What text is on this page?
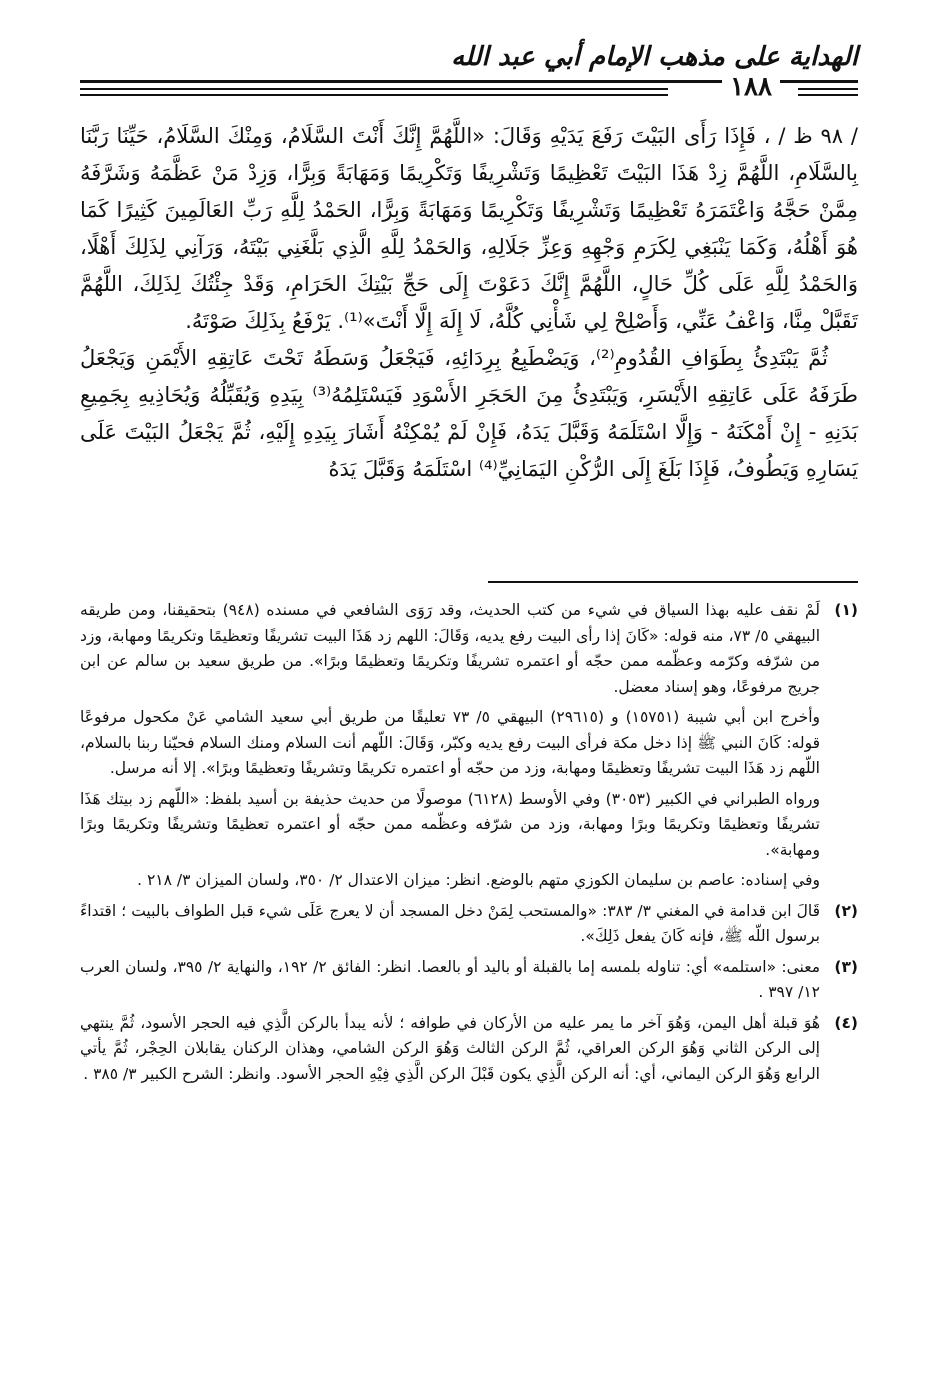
الهداية على مذهب الإمام أبي عبد الله
١٨٨

/ ٩٨ ظ / ، فَإِذَا رَأَى البَيْتَ رَفَعَ يَدَيْهِ وَقَالَ: «اللَّهُمَّ إِنَّكَ أَنْتَ السَّلَامُ، وَمِنْكَ السَّلَامُ، حَيِّنَا رَبَّنَا بِالسَّلَامِ، اللَّهُمَّ زِدْ هَذَا البَيْتَ تَعْظِيمًا وَتَشْرِيفًا وَتَكْرِيمًا وَمَهَابَةً وَبِرًّا، وَزِدْ مَنْ عَظَّمَهُ وَشَرَّفَهُ مِمَّنْ حَجَّهُ وَاعْتَمَرَهُ تَعْظِيمًا وَتَشْرِيفًا وَتَكْرِيمًا وَمَهَابَةً وَبِرًّا، الحَمْدُ لِلَّهِ رَبِّ العَالَمِينَ كَثِيرًا كَمَا هُوَ أَهْلُهُ، وَكَمَا يَنْبَغِي لِكَرَمِ وَجْهِهِ وَعِزِّ جَلَالِهِ، وَالحَمْدُ لِلَّهِ الَّذِي بَلَّغَنِي بَيْتَهُ، وَرَآنِي لِذَلِكَ أَهْلًا، وَالحَمْدُ لِلَّهِ عَلَى كُلِّ حَالٍ، اللَّهُمَّ إِنَّكَ دَعَوْتَ إِلَى حَجِّ بَيْتِكَ الحَرَامِ، وَقَدْ جِئْتُكَ لِذَلِكَ، اللَّهُمَّ تَقَبَّلْ مِنَّا، وَاعْفُ عَنِّي، وَأَصْلِحْ لِي شَأْنِي كُلَّهُ، لَا إِلَهَ إِلَّا أَنْتَ»⁽¹⁾. يَرْفَعُ بِذَلِكَ صَوْتَهُ.

ثُمَّ يَبْتَدِئُ بِطَوَافِ القُدُومِ⁽²⁾، وَيَضْطَبِعُ بِرِدَائِهِ، فَيَجْعَلُ وَسَطَهُ تَحْتَ عَاتِقِهِ الأَيْمَنِ وَيَجْعَلُ طَرَفَهُ عَلَى عَاتِقِهِ الأَيْسَرِ، وَيَبْتَدِئُ مِنَ الحَجَرِ الأَسْوَدِ فَيَسْتَلِمُهُ⁽³⁾ بِيَدِهِ وَيُقَبِّلُهُ وَيُحَاذِيهِ بِجَمِيعِ بَدَنِهِ - إِنْ أَمْكَنَهُ - وَإِلَّا اسْتَلَمَهُ وَقَبَّلَ يَدَهُ، فَإِنْ لَمْ يُمْكِنْهُ أَشَارَ بِيَدِهِ إِلَيْهِ، ثُمَّ يَجْعَلُ البَيْتَ عَلَى يَسَارِهِ وَيَطُوفُ، فَإِذَا بَلَغَ إِلَى الرُّكْنِ اليَمَانِيِّ⁽⁴⁾ اسْتَلَمَهُ وَقَبَّلَ يَدَهُ

(١)

لَمْ نقف عليه بهذا السياق في شيء من كتب الحديث، وقد رَوَى الشافعي في مسنده (٩٤٨) بتحقيقنا، ومن طريقه البيهقي ٥/ ٧٣، منه قوله: «كَانَ إذا رأى البيت رفع يديه، وَقَالَ: اللهم زد هَذَا البيت تشريفًا وتعظيمًا وتكريمًا ومهابة، وزد من شرّفه وكرّمه وعظّمه ممن حجّه أو اعتمره تشريفًا وتكريمًا وتعظيمًا وبرًا». من طريق سعيد بن سالم عن ابن جريج مرفوعًا، وهو إسناد معضل.

وأخرج ابن أبي شيبة (١٥٧٥١) و (٢٩٦١٥) البيهقي ٥/ ٧٣ تعليقًا من طريق أبي سعيد الشامي عَنْ مكحول مرفوعًا قوله: كَانَ النبي ﷺ إذا دخل مكة فرأى البيت رفع يديه وكبّر، وَقَالَ: اللّهم أنت السلام ومنك السلام فحيّنا ربنا بالسلام، اللّهم زد هَذَا البيت تشريفًا وتعظيمًا ومهابة، وزد من حجّه أو اعتمره تكريمًا وتشريفًا وتعظيمًا وبرًا». إلا أنه مرسل.

ورواه الطبراني في الكبير (٣٠٥٣) وفي الأوسط (٦١٢٨) موصولًا من حديث حذيفة بن أسيد بلفظ: «اللّهم زد بيتك هَذَا تشريفًا وتعظيمًا وتكريمًا وبرًا ومهابة، وزد من شرّفه وعظّمه ممن حجّه أو اعتمره تعظيمًا وتشريفًا وتكريمًا وبرًا ومهابة».

وفي إسناده: عاصم بن سليمان الكوزي متهم بالوضع. انظر: ميزان الاعتدال ٢/ ٣٥٠، ولسان الميزان ٣/ ٢١٨ .

(٢)

قَالَ ابن قدامة في المغني ٣/ ٣٨٣: «والمستحب لِمَنْ دخل المسجد أن لا يعرج عَلَى شيء قبل الطواف بالبيت ؛ اقتداءً برسول اللّه ﷺ، فإنه كَانَ يفعل ذَلِكَ».

(٣)

معنى: «استلمه» أي: تناوله بلمسه إما بالقبلة أو باليد أو بالعصا. انظر: الفائق ٢/ ١٩٢، والنهاية ٢/ ٣٩٥، ولسان العرب ١٢/ ٣٩٧ .

(٤)

هُوَ قبلة أهل اليمن، وَهُوَ آخر ما يمر عليه من الأركان في طوافه ؛ لأنه يبدأ بالركن الَّذِي فيه الحجر الأسود، ثُمَّ ينتهي إلى الركن الثاني وَهُوَ الركن العراقي، ثُمَّ الركن الثالث وَهُوَ الركن الشامي، وهذان الركنان يقابلان الحِجْر، ثُمَّ يأتي الرابع وَهُوَ الركن اليماني، أي: أنه الركن الَّذِي يكون قَبْلَ الركن الَّذِي فِيْهِ الحجر الأسود. وانظر: الشرح الكبير ٣/ ٣٨٥ .
